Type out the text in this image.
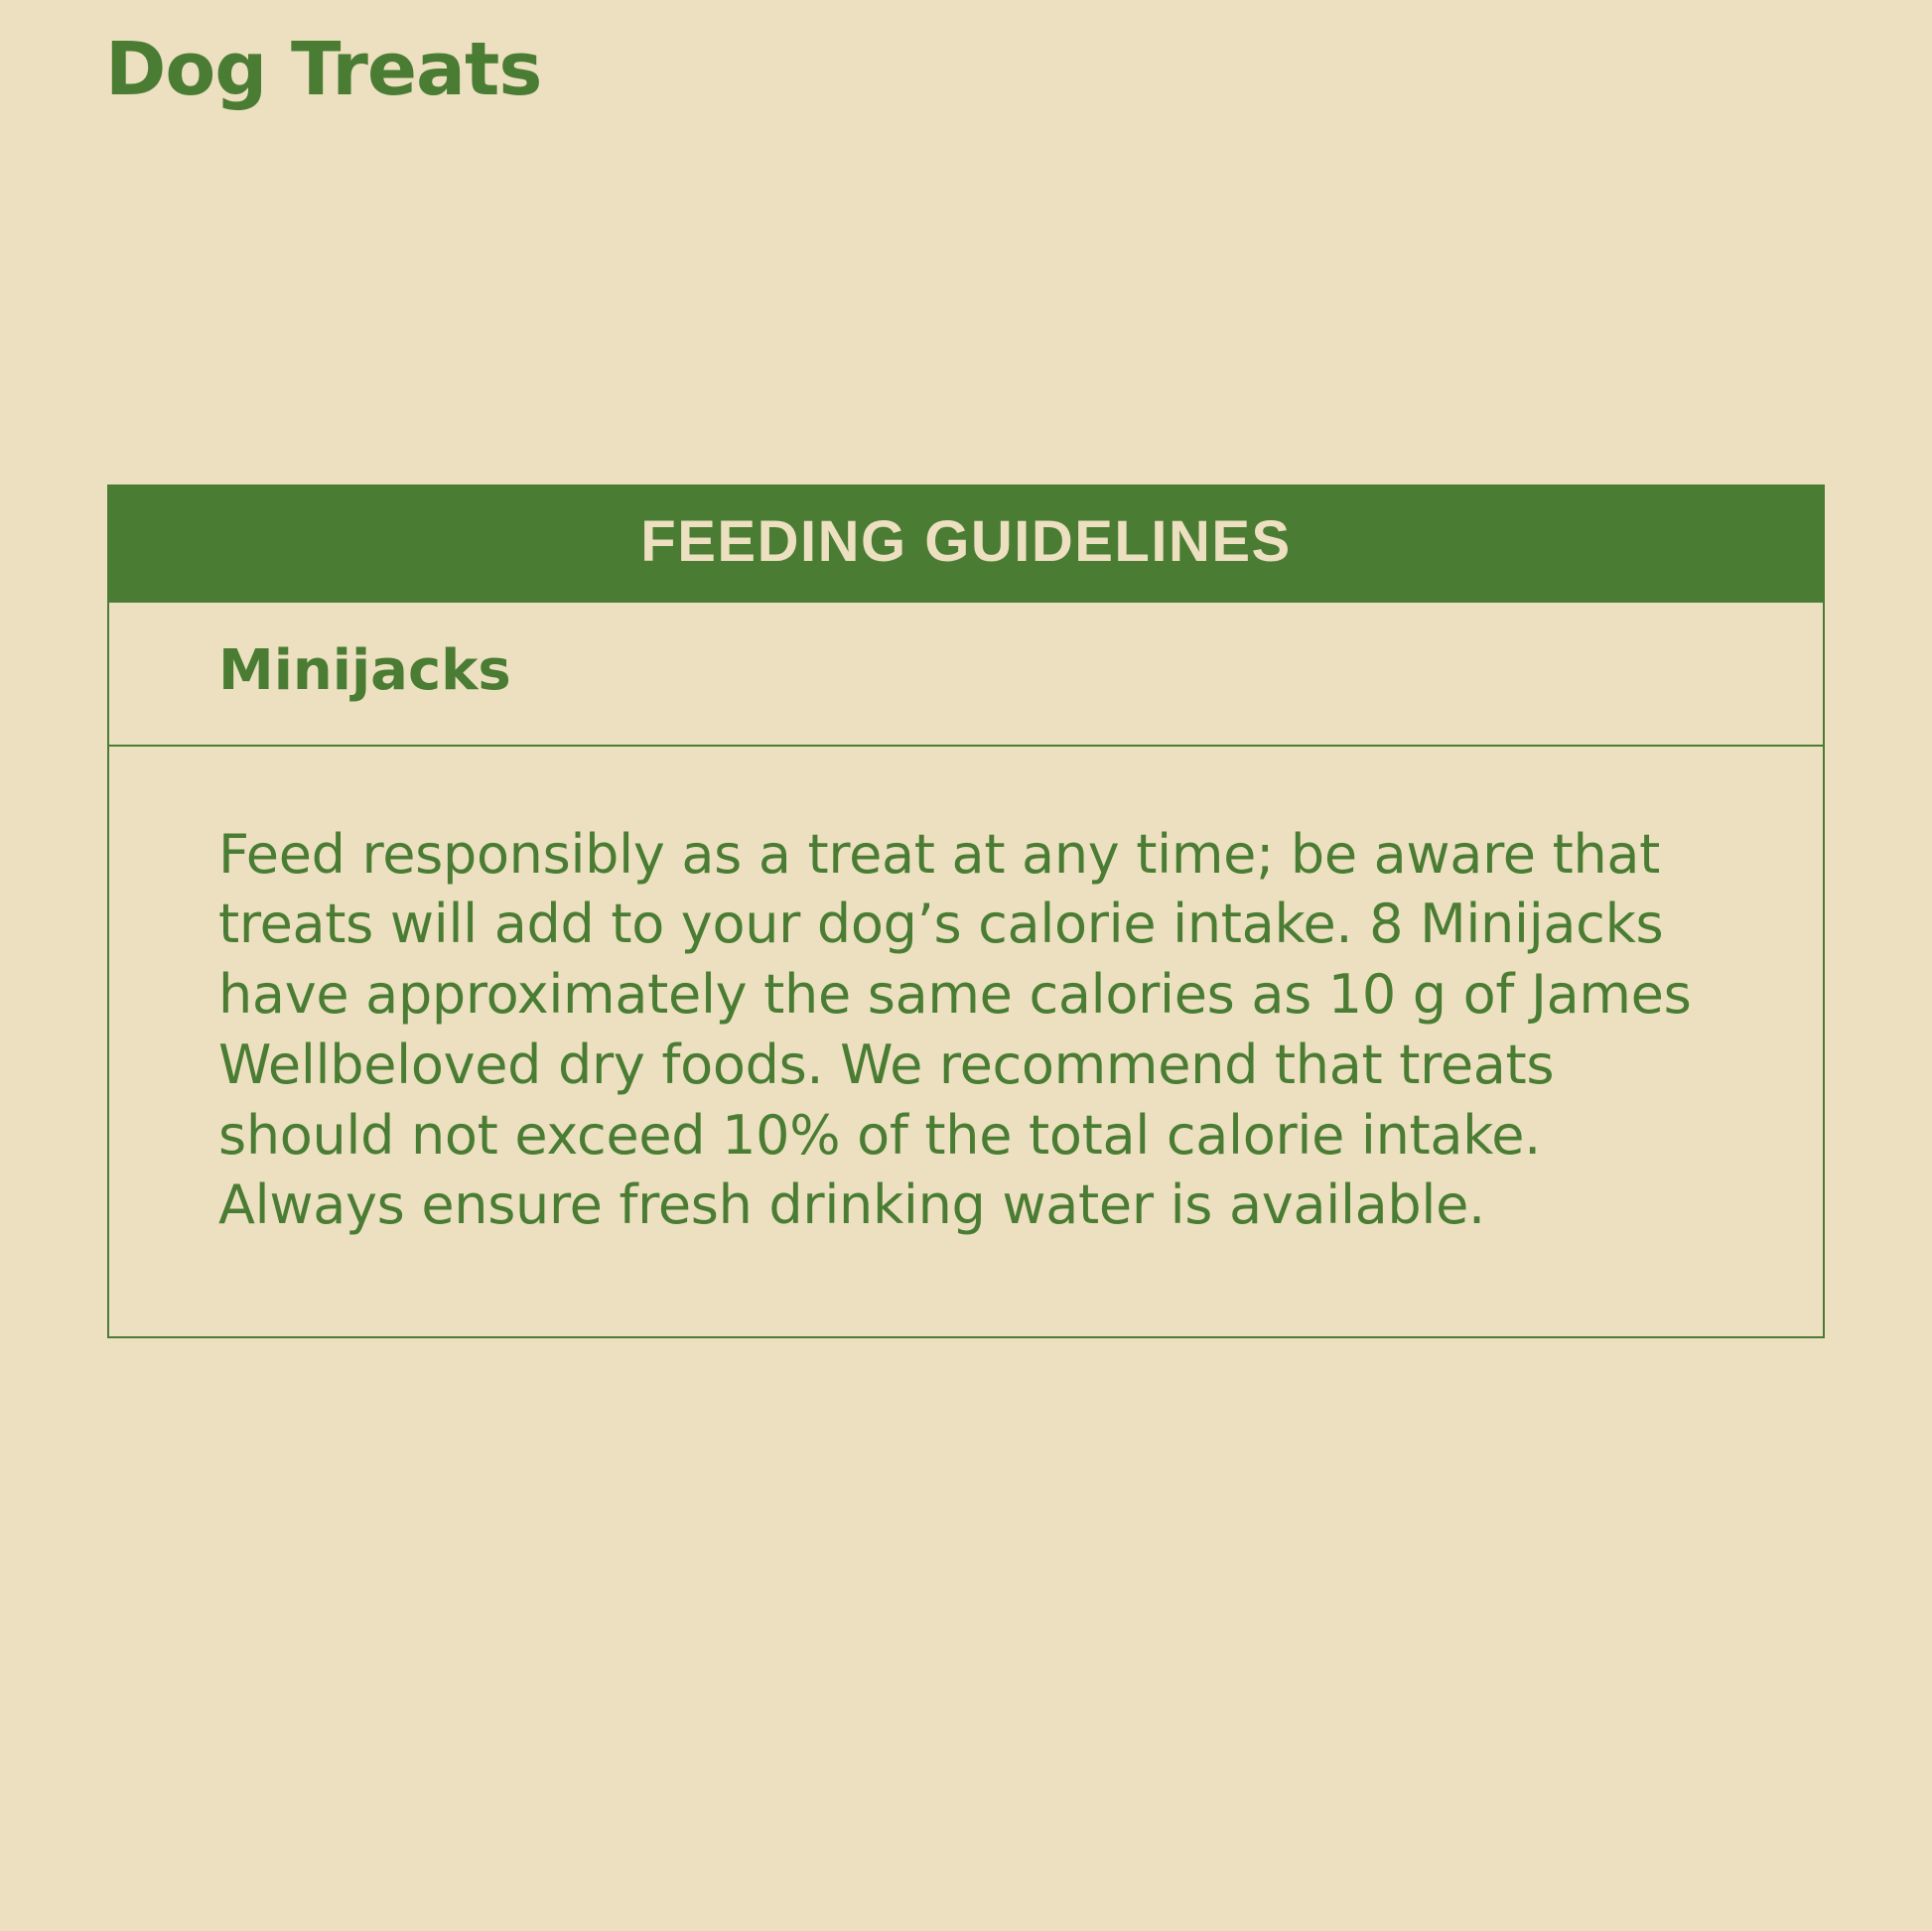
Dog Treats
FEEDING GUIDELINES
Minijacks
Feed responsibly as a treat at any time; be aware that treats will add to your dog’s calorie intake. 8 Minijacks have approximately the same calories as 10 g of James Wellbeloved dry foods. We recommend that treats should not exceed 10% of the total calorie intake. Always ensure fresh drinking water is available.
